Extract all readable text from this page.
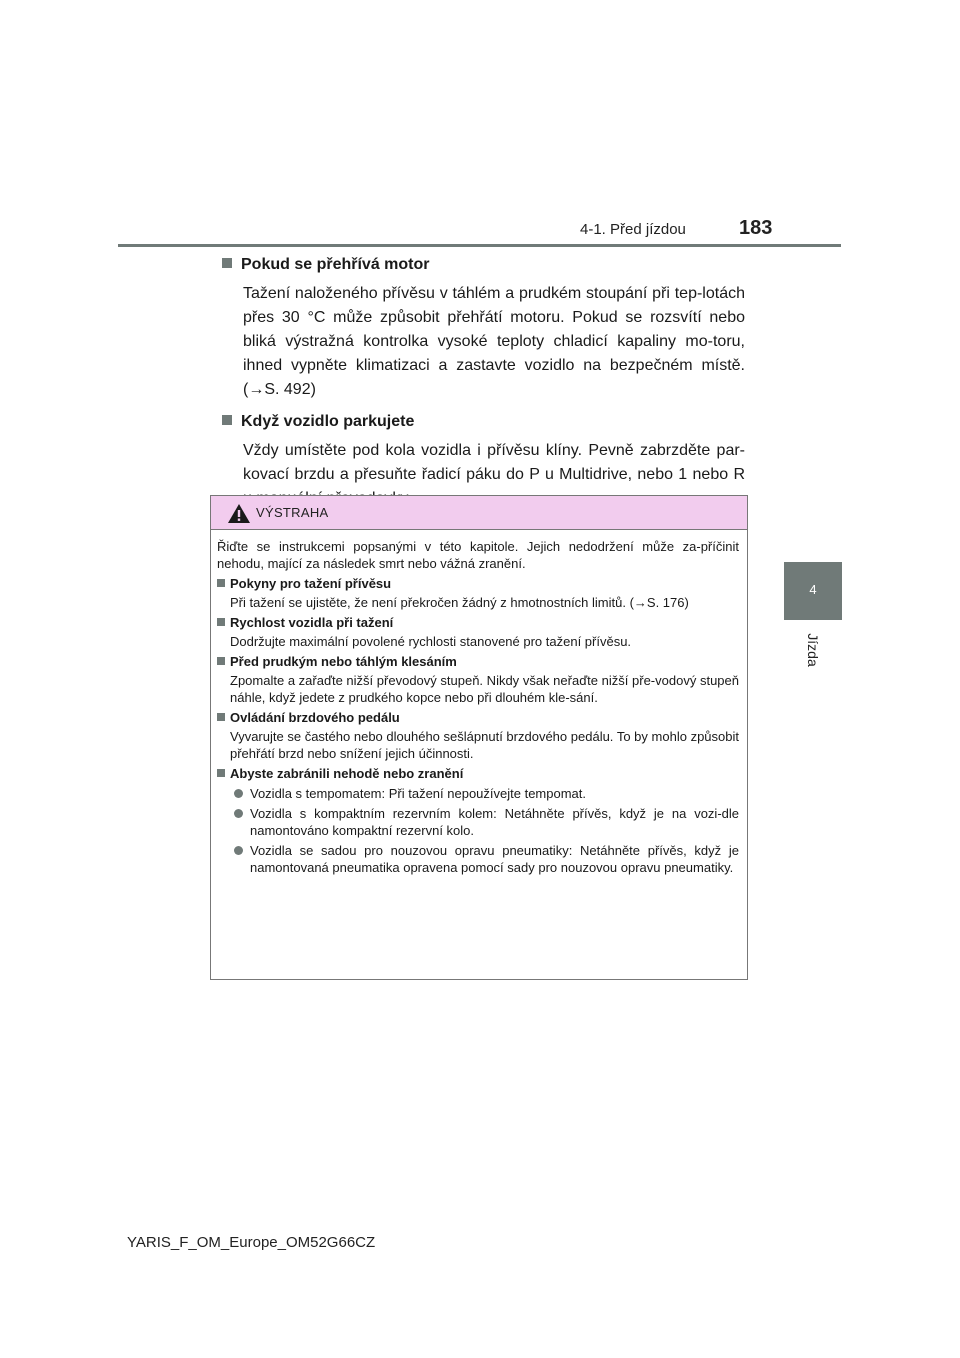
4-1. Před jízdou	183
4
Jízda

Pokud se přehřívá motor

Tažení naloženého přívěsu v táhlém a prudkém stoupání při tep-lotách přes 30 °C může způsobit přehřátí motoru. Pokud se rozsvítí nebo bliká výstražná kontrolka vysoké teploty chladicí kapaliny mo-toru, ihned vypněte klimatizaci a zastavte vozidlo na bezpečném místě. (→S. 492)

Když vozidlo parkujete

Vždy umístěte pod kola vozidla i přívěsu klíny. Pevně zabrzděte par-kovací brzdu a přesuňte řadicí páku do P u Multidrive, nebo 1 nebo R

VÝSTRAHA

Řiďte se instrukcemi popsanými v této kapitole. Jejich nedodržení může za-příčinit nehodu, mající za následek smrt nebo vážná zranění.

Pokyny pro tažení přívěsu

Při tažení se ujistěte, že není překročen žádný z hmotnostních limitů. (→S. 176)

Rychlost vozidla při tažení

Dodržujte maximální povolené rychlosti stanovené pro tažení přívěsu.

Před prudkým nebo táhlým klesáním

Zpomalte a zařaďte nižší převodový stupeň. Nikdy však neřaďte nižší pře-vodový stupeň náhle, když jedete z prudkého kopce nebo při dlouhém kle-sání.

Ovládání brzdového pedálu

Vyvarujte se častého nebo dlouhého sešlápnutí brzdového pedálu. To by mohlo způsobit přehřátí brzd nebo snížení jejich účinnosti.

Abyste zabránili nehodě nebo zranění

Vozidla s tempomatem: Při tažení nepoužívejte tempomat.

Vozidla s kompaktním rezervním kolem: Netáhněte přívěs, když je na vozi-dle namontováno kompaktní rezervní kolo.

Vozidla se sadou pro nouzovou opravu pneumatiky: Netáhněte přívěs, když je namontovaná pneumatika opravena pomocí sady pro nouzovou opravu pneumatiky.

YARIS_F_OM_Europe_OM52G66CZ
